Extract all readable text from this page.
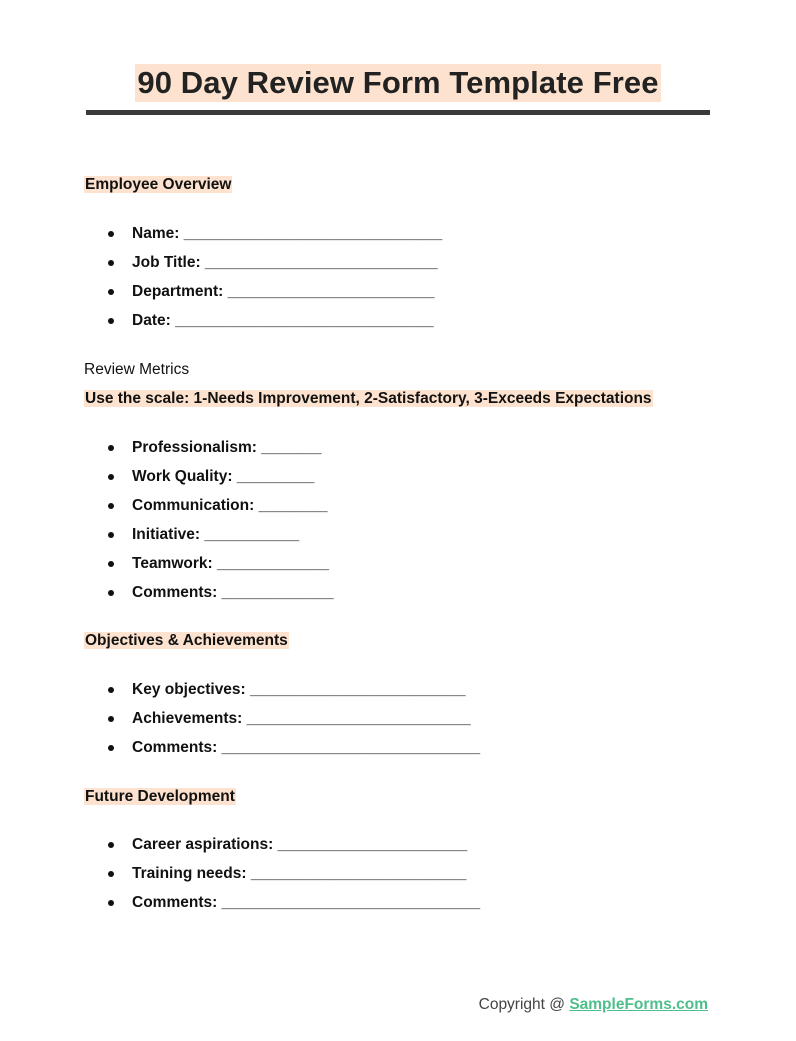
90 Day Review Form Template Free
Employee Overview
Name: ______________________________
Job Title: ___________________________
Department: ________________________
Date: ______________________________
Review Metrics
Use the scale: 1-Needs Improvement, 2-Satisfactory, 3-Exceeds Expectations
Professionalism: _______
Work Quality: _________
Communication: ________
Initiative: ___________
Teamwork: _____________
Comments: _____________
Objectives & Achievements
Key objectives: _________________________
Achievements: __________________________
Comments: ______________________________
Future Development
Career aspirations: ______________________
Training needs: _________________________
Comments: ______________________________
Copyright @ SampleForms.com
